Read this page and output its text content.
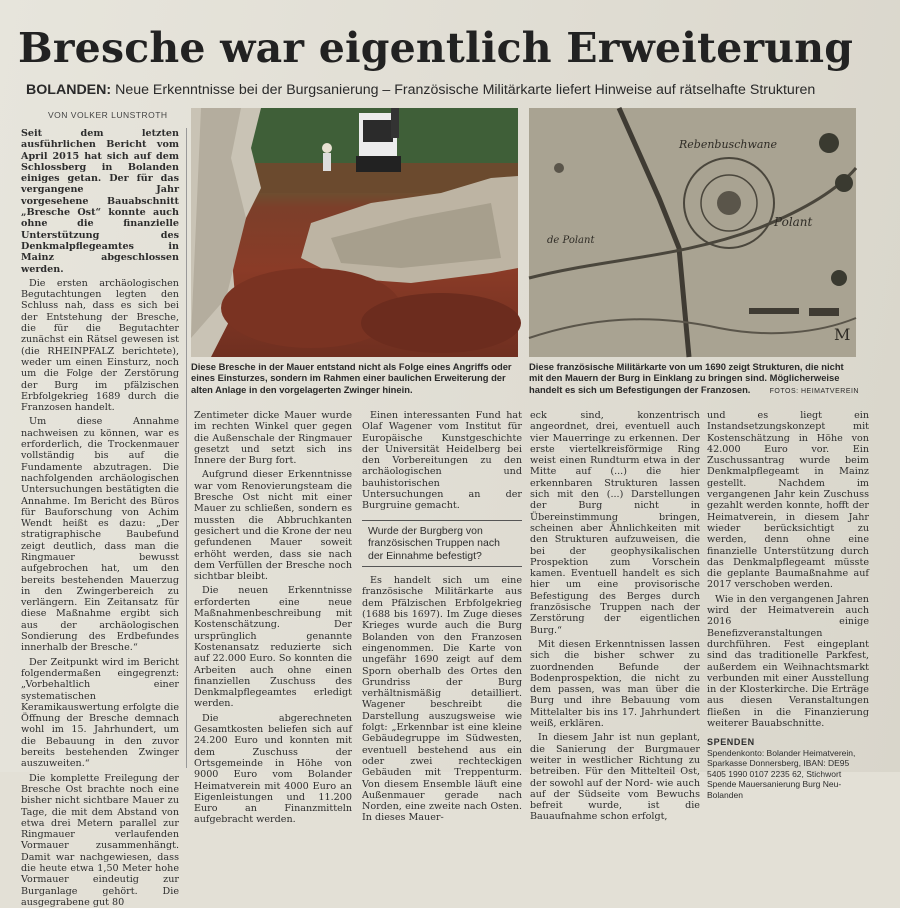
Bresche war eigentlich Erweiterung
BOLANDEN: Neue Erkenntnisse bei der Burgsanierung – Französische Militärkarte liefert Hinweise auf rätselhafte Strukturen
VON VOLKER LUNSTROTH

Seit dem letzten ausführlichen Bericht vom April 2015 hat sich auf dem Schlossberg in Bolanden einiges getan. Der für das vergangene Jahr vorgesehene Bauabschnitt „Bresche Ost“ konnte auch ohne die finanzielle Unterstützung des Denkmalpflegeamtes in Mainz abgeschlossen werden.

Die ersten archäologischen Begutachtungen legten den Schluss nah, dass es sich bei der Entstehung der Bresche, die für die Begutachter zunächst ein Rätsel gewesen ist (die RHEINPFALZ berichtete), weder um einen Einsturz, noch um die Folge der Zerstörung der Burg im pfälzischen Erbfolgekrieg 1689 durch die Franzosen handelt.

Um diese Annahme nachweisen zu können, war es erforderlich, die Trockenmauer vollständig bis auf die Fundamente abzutragen. Die nachfolgenden archäologischen Untersuchungen bestätigten die Annahme. Im Bericht des Büros für Bauforschung von Achim Wendt heißt es dazu: „Der stratigraphische Baubefund zeigt deutlich, dass man die Ringmauer bewusst aufgebrochen hat, um den bereits bestehenden Mauerzug in den Zwingerbereich zu verlängern. Ein Zeitansatz für diese Maßnahme ergibt sich aus der archäologischen Sondierung des Erdbefundes innerhalb der Bresche.“

Der Zeitpunkt wird im Bericht folgendermaßen eingegrenzt: „Vorbehaltlich einer systematischen Keramikauswertung erfolgte die Öffnung der Bresche demnach wohl im 15. Jahrhundert, um die Bebauung in den zuvor bereits bestehenden Zwinger auszuweiten.“

Die komplette Freilegung der Bresche Ost brachte noch eine bisher nicht sichtbare Mauer zu Tage, die mit dem Abstand von etwa drei Metern parallel zur Ringmauer verlaufenden Vormauer zusammenhängt. Damit war nachgewiesen, dass die heute etwa 1,50 Meter hohe Vormauer eindeutig zur Burganlage gehört. Die ausgegrabene gut 80

Rebenbuschwane
Polant
de Polant
M
Diese Bresche in der Mauer entstand nicht als Folge eines Angriffs oder eines Einsturzes, sondern im Rahmen einer baulichen Erweiterung der alten Anlage in den vorgelagerten Zwinger hinein.
Diese französische Militärkarte von um 1690 zeigt Strukturen, die nicht mit den Mauern der Burg in Einklang zu bringen sind. Möglicherweise handelt es sich um Befestigungen der Franzosen.	FOTOS: HEIMATVEREIN

Zentimeter dicke Mauer wurde im rechten Winkel quer gegen die Außenschale der Ringmauer gesetzt und setzt sich ins Innere der Burg fort.

Aufgrund dieser Erkenntnisse war vom Renovierungsteam die Bresche Ost nicht mit einer Mauer zu schließen, sondern es mussten die Abbruchkanten gesichert und die Krone der neu gefundenen Mauer soweit erhöht werden, dass sie nach dem Verfüllen der Bresche noch sichtbar bleibt.

Die neuen Erkenntnisse erforderten eine neue Maßnahmenbeschreibung mit Kostenschätzung. Der ursprünglich genannte Kostenansatz reduzierte sich auf 22.000 Euro. So konnten die Arbeiten auch ohne einen finanziellen Zuschuss des Denkmalpflegeamtes erledigt werden.

Die abgerechneten Gesamtkosten beliefen sich auf 24.200 Euro und konnten mit dem Zuschuss der Ortsgemeinde in Höhe von 9000 Euro vom Bolander Heimatverein mit 4000 Euro an Eigenleistungen und 11.200 Euro an Finanzmitteln aufgebracht werden.

Einen interessanten Fund hat Olaf Wagener vom Institut für Europäische Kunstgeschichte der Universität Heidelberg bei den Vorbereitungen zu den archäologischen und bauhistorischen Untersuchungen an der Burgruine gemacht.

Wurde der Burgberg von französischen Truppen nach der Einnahme befestigt?

Es handelt sich um eine französische Militärkarte aus dem Pfälzischen Erbfolgekrieg (1688 bis 1697). Im Zuge dieses Krieges wurde auch die Burg Bolanden von den Franzosen eingenommen. Die Karte von ungefähr 1690 zeigt auf dem Sporn oberhalb des Ortes den Grundriss der Burg verhältnismäßig detailliert. Wagener beschreibt die Darstellung auszugsweise wie folgt: „Erkennbar ist eine kleine Gebäudegruppe im Südwesten, eventuell bestehend aus ein oder zwei rechteckigen Gebäuden mit Treppenturm. Von diesem Ensemble läuft eine Außenmauer gerade nach Norden, eine zweite nach Osten. In dieses Mauer-

eck sind, konzentrisch angeordnet, drei, eventuell auch vier Mauerringe zu erkennen. Der erste viertelkreisförmige Ring weist einen Rundturm etwa in der Mitte auf (...) die hier erkennbaren Strukturen lassen sich mit den (...) Darstellungen der Burg nicht in Übereinstimmung bringen, scheinen aber Ähnlichkeiten mit den Strukturen aufzuweisen, die bei der geophysikalischen Prospektion zum Vorschein kamen. Eventuell handelt es sich hier um eine provisorische Befestigung des Berges durch französische Truppen nach der Zerstörung der eigentlichen Burg.“

Mit diesen Erkenntnissen lassen sich die bisher schwer zu zuordnenden Befunde der Bodenprospektion, die nicht zu dem passen, was man über die Burg und ihre Bebauung vom Mittelalter bis ins 17. Jahrhundert weiß, erklären.

In diesem Jahr ist nun geplant, die Sanierung der Burgmauer weiter in westlicher Richtung zu betreiben. Für den Mittelteil Ost, der sowohl auf der Nord- wie auch auf der Südseite vom Bewuchs befreit wurde, ist die Bauaufnahme schon erfolgt,

und es liegt ein Instandsetzungskonzept mit Kostenschätzung in Höhe von 42.000 Euro vor. Ein Zuschussantrag wurde beim Denkmalpflegeamt in Mainz gestellt. Nachdem im vergangenen Jahr kein Zuschuss gezahlt werden konnte, hofft der Heimatverein, in diesem Jahr wieder berücksichtigt zu werden, denn ohne eine finanzielle Unterstützung durch das Denkmalpflegeamt müsste die geplante Baumaßnahme auf 2017 verschoben werden.

Wie in den vergangenen Jahren wird der Heimatverein auch 2016 einige Benefizveranstaltungen durchführen. Fest eingeplant sind das traditionelle Parkfest, außerdem ein Weihnachtsmarkt verbunden mit einer Ausstellung in der Klosterkirche. Die Erträge aus diesen Veranstaltungen fließen in die Finanzierung weiterer Bauabschnitte.

SPENDEN
Spendenkonto: Bolander Heimatverein, Sparkasse Donnersberg, IBAN: DE95 5405 1990 0107 2235 62, Stichwort Spende Mauersanierung Burg Neu-Bolanden
